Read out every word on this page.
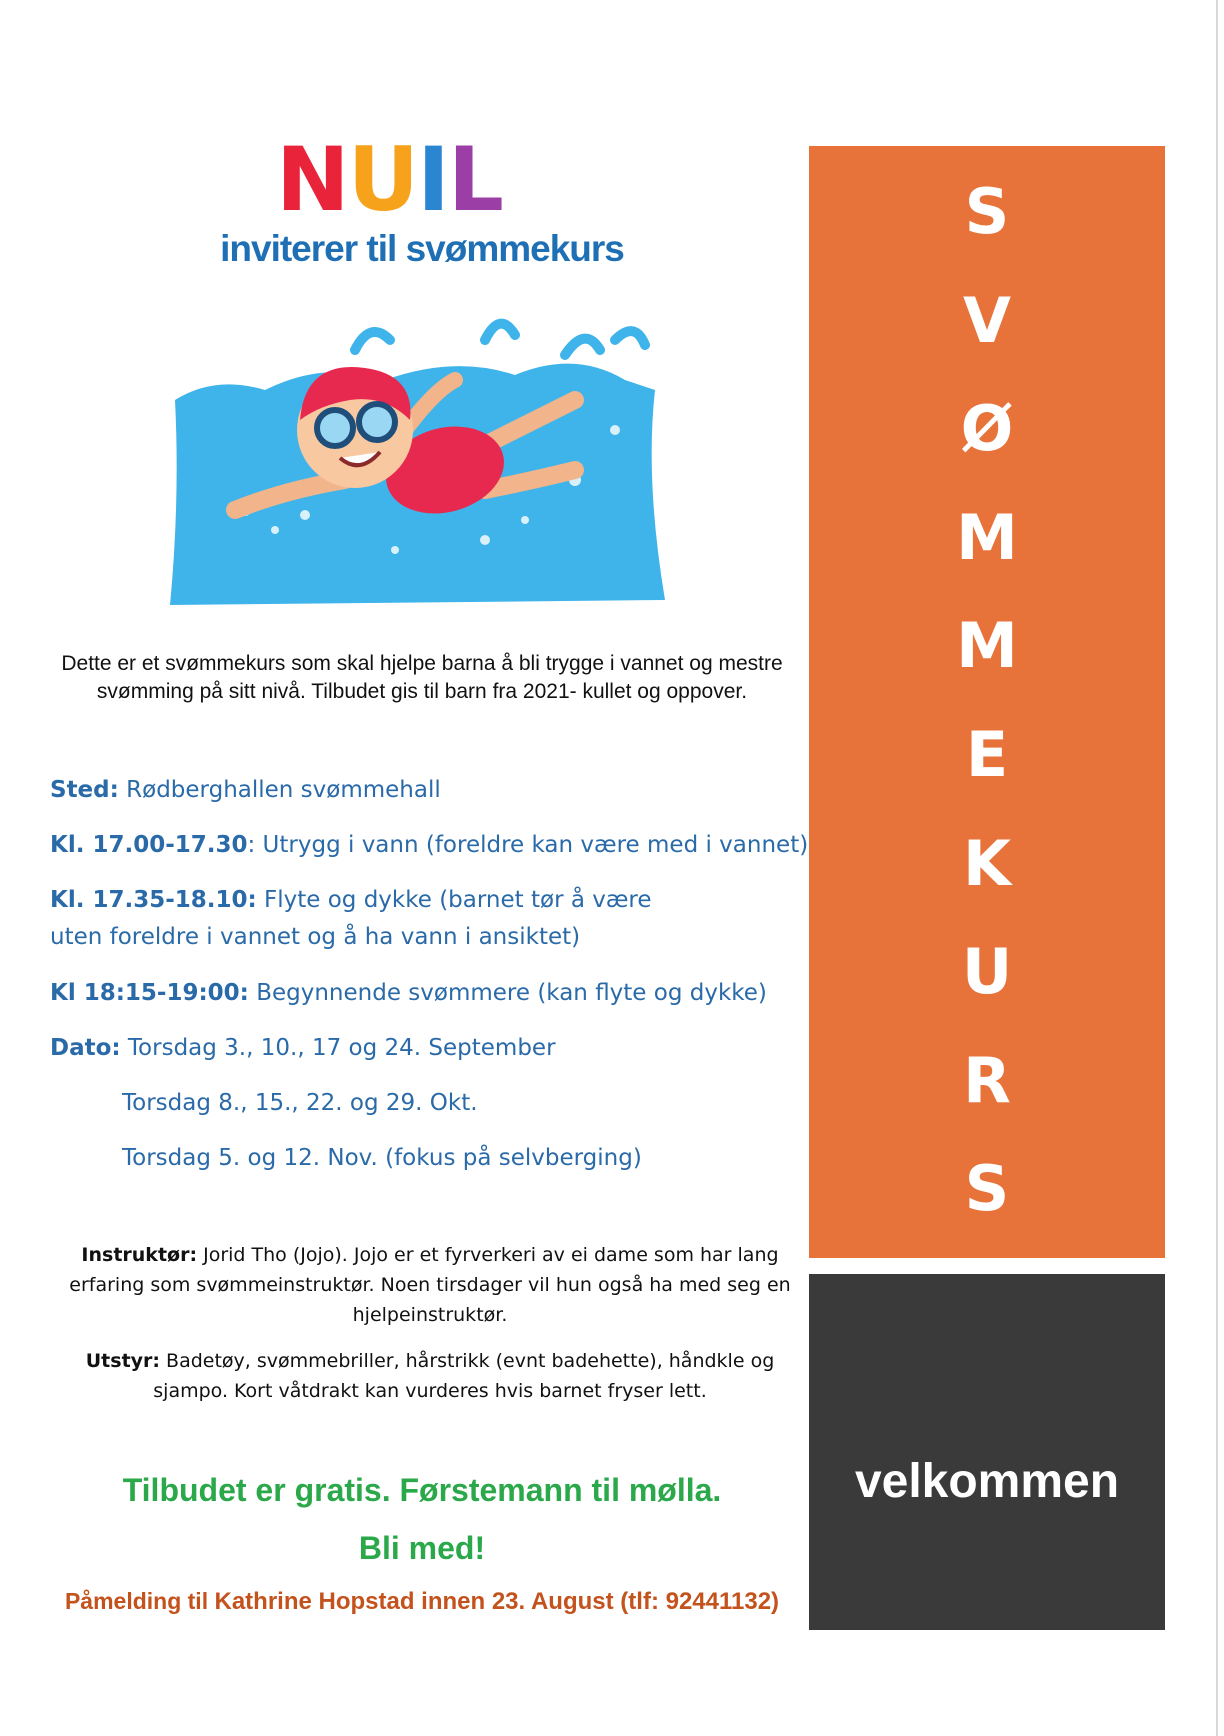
N U I L
inviterer til svømmekurs
Dette er et svømmekurs som skal hjelpe barna å bli trygge i vannet og mestre svømming på sitt nivå. Tilbudet gis til barn fra 2021- kullet og oppover.
Sted: Rødberghallen svømmehall
Kl. 17.00-17.30: Utrygg i vann (foreldre kan være med i vannet)
Kl. 17.35-18.10: Flyte og dykke (barnet tør å være uten foreldre i vannet og å ha vann i ansiktet)
Kl 18:15-19:00: Begynnende svømmere (kan flyte og dykke)
Dato: Torsdag 3., 10., 17 og 24. September
Torsdag 8., 15., 22. og 29. Okt.
Torsdag 5. og 12. Nov. (fokus på selvberging)
Instruktør: Jorid Tho (Jojo). Jojo er et fyrverkeri av ei dame som har lang erfaring som svømmeinstruktør. Noen tirsdager vil hun også ha med seg en hjelpeinstruktør.
Utstyr: Badetøy, svømmebriller, hårstrikk (evnt badehette), håndkle og sjampo. Kort våtdrakt kan vurderes hvis barnet fryser lett.
Tilbudet er gratis. Førstemann til mølla.
Bli med!
Påmelding til Kathrine Hopstad innen 23. August (tlf: 92441132)
S
V
Ø
M
M
E
K
U
R
S
velkommen
